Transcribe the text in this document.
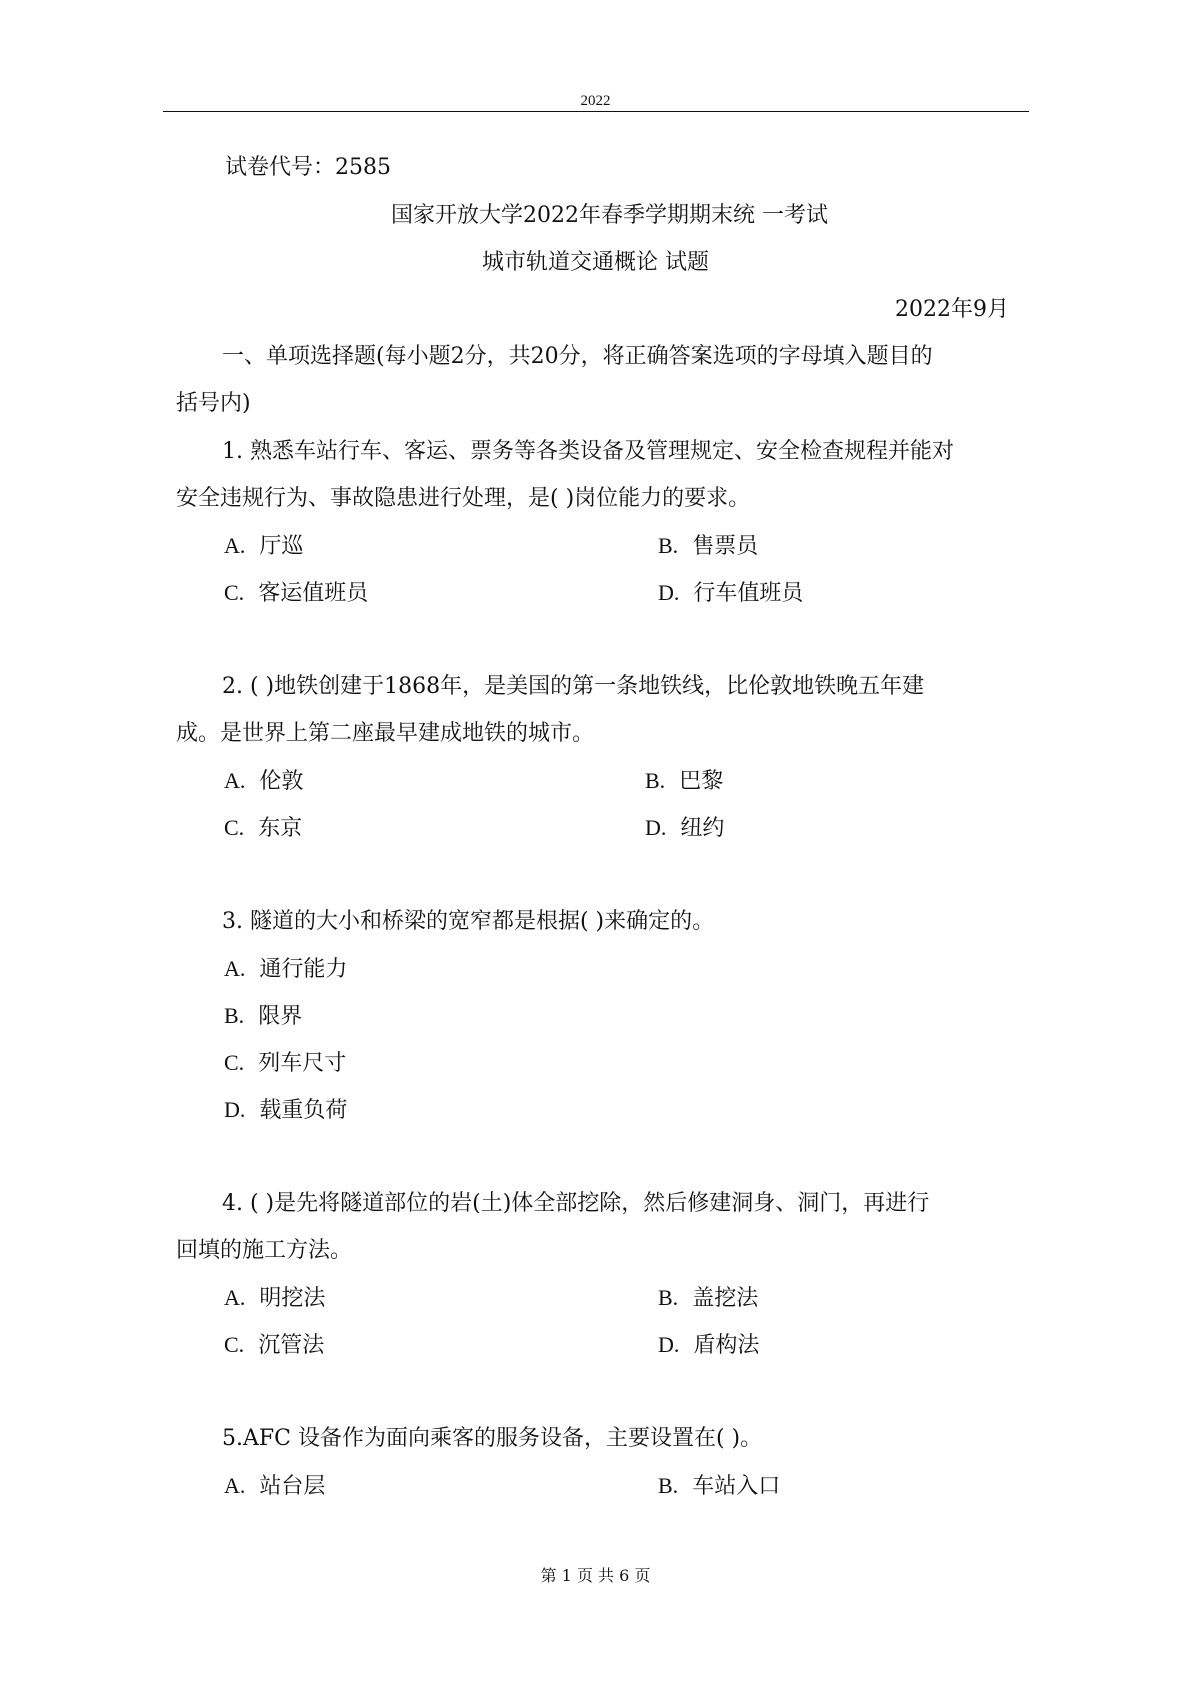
2022
试卷代号：2585
国家开放大学2022年春季学期期末统 一考试
城市轨道交通概论 试题
2022年9月
一、单项选择题(每小题2分，共20分，将正确答案选项的字母填入题目的
括号内)
1. 熟悉车站行车、客运、票务等各类设备及管理规定、安全检查规程并能对
安全违规行为、事故隐患进行处理，是( )岗位能力的要求。
A. 厅巡	B. 售票员
C. 客运值班员	D. 行车值班员
2. ( )地铁创建于1868年，是美国的第一条地铁线，比伦敦地铁晚五年建
成。是世界上第二座最早建成地铁的城市。
A. 伦敦	B. 巴黎
C. 东京	D. 纽约
3. 隧道的大小和桥梁的宽窄都是根据( )来确定的。
A. 通行能力
B. 限界
C. 列车尺寸
D. 载重负荷
4. ( )是先将隧道部位的岩(土)体全部挖除，然后修建洞身、洞门，再进行
回填的施工方法。
A. 明挖法	B. 盖挖法
C. 沉管法	D. 盾构法
5.AFC 设备作为面向乘客的服务设备，主要设置在( )。
A. 站台层	B. 车站入口
第 1 页 共 6 页
